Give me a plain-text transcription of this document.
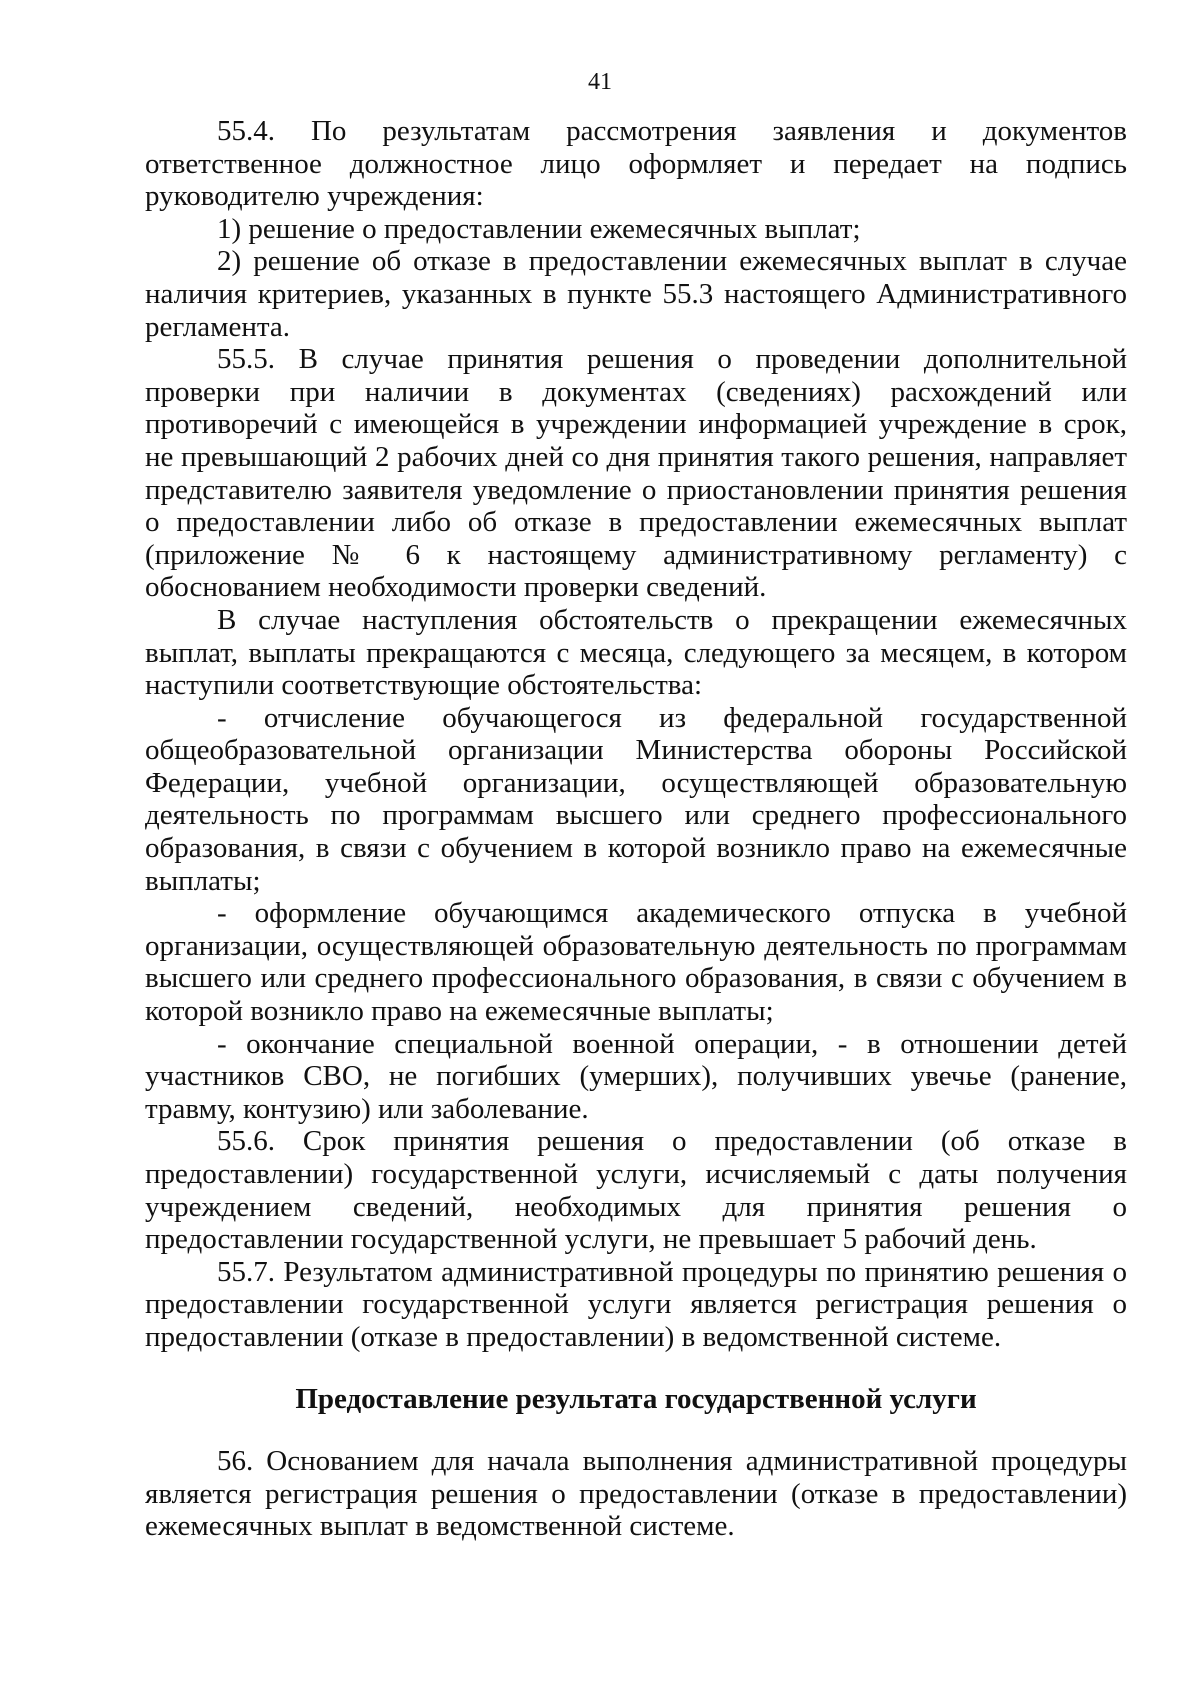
41

55.4. По результатам рассмотрения заявления и документов ответственное должностное лицо оформляет и передает на подпись руководителю учреждения:

1) решение о предоставлении ежемесячных выплат;

2) решение об отказе в предоставлении ежемесячных выплат в случае наличия критериев, указанных в пункте 55.3 настоящего Административного регламента.

55.5. В случае принятия решения о проведении дополнительной проверки при наличии в документах (сведениях) расхождений или противоречий с имеющейся в учреждении информацией учреждение в срок, не превышающий 2 рабочих дней со дня принятия такого решения, направляет представителю заявителя уведомление о приостановлении принятия решения о предоставлении либо об отказе в предоставлении ежемесячных выплат (приложение № 6 к настоящему административному регламенту) с обоснованием необходимости проверки сведений.

В случае наступления обстоятельств о прекращении ежемесячных выплат, выплаты прекращаются с месяца, следующего за месяцем, в котором наступили соответствующие обстоятельства:

- отчисление обучающегося из федеральной государственной общеобразовательной организации Министерства обороны Российской Федерации, учебной организации, осуществляющей образовательную деятельность по программам высшего или среднего профессионального образования, в связи с обучением в которой возникло право на ежемесячные выплаты;

- оформление обучающимся академического отпуска в учебной организации, осуществляющей образовательную деятельность по программам высшего или среднего профессионального образования, в связи с обучением в которой возникло право на ежемесячные выплаты;

- окончание специальной военной операции, - в отношении детей участников СВО, не погибших (умерших), получивших увечье (ранение, травму, контузию) или заболевание.

55.6. Срок принятия решения о предоставлении (об отказе в предоставлении) государственной услуги, исчисляемый с даты получения учреждением сведений, необходимых для принятия решения о предоставлении государственной услуги, не превышает 5 рабочий день.

55.7. Результатом административной процедуры по принятию решения о предоставлении государственной услуги является регистрация решения о предоставлении (отказе в предоставлении) в ведомственной системе.

Предоставление результата государственной услуги

56. Основанием для начала выполнения административной процедуры является регистрация решения о предоставлении (отказе в предоставлении) ежемесячных выплат в ведомственной системе.
